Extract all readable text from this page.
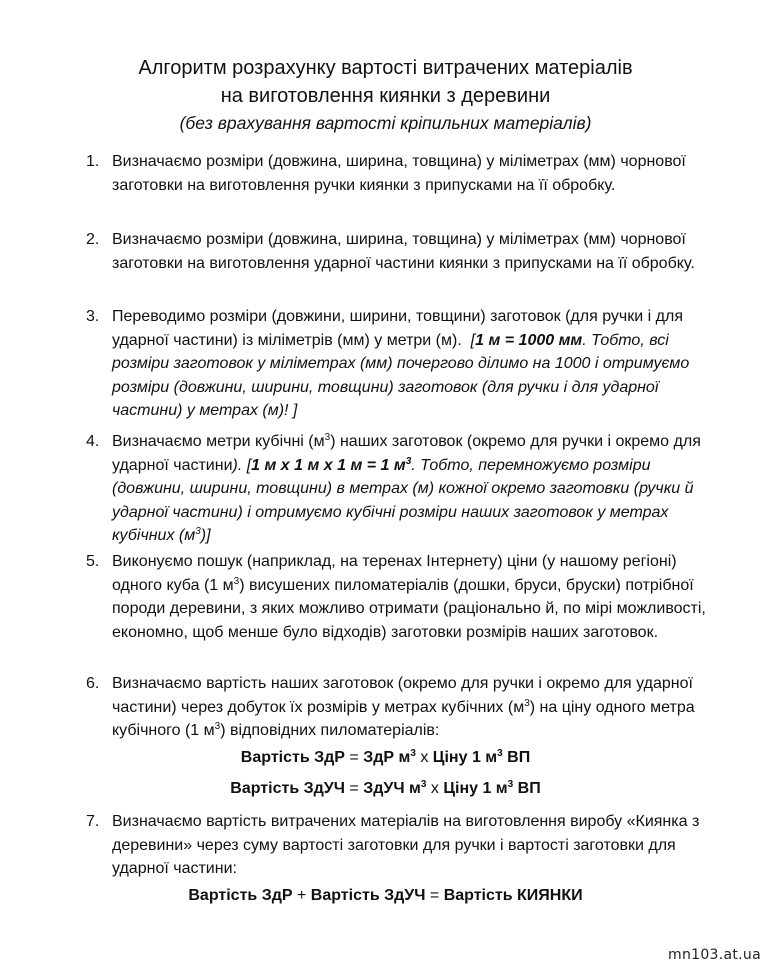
Алгоритм розрахунку вартості витрачених матеріалів
на виготовлення киянки з деревини
(без врахування вартості кріпильних матеріалів)
1. Визначаємо розміри (довжина, ширина, товщина) у міліметрах (мм) чорнової заготовки на виготовлення ручки киянки з припусками на її обробку.
2. Визначаємо розміри (довжина, ширина, товщина) у міліметрах (мм) чорнової заготовки на виготовлення ударної частини киянки з припусками на її обробку.
3. Переводимо розміри (довжини, ширини, товщини) заготовок (для ручки і для ударної частини) із міліметрів (мм) у метри (м). [1 м = 1000 мм. Тобто, всі розміри заготовок у міліметрах (мм) почергово ділимо на 1000 і отримуємо розміри (довжини, ширини, товщини) заготовок (для ручки і для ударної частини) у метрах (м)! ]
4. Визначаємо метри кубічні $(м^3)$ наших заготовок (окремо для ручки і окремо для ударної частини). [1 м х 1 м х 1 м = 1 $м^3$. Тобто, перемножуємо розміри (довжини, ширини, товщини) в метрах (м) кожної окремо заготовки (ручки й ударної частини) і отримуємо кубічні розміри наших заготовок у метрах кубічних $(м^3)$]
5. Виконуємо пошук (наприклад, на теренах Інтернету) ціни (у нашому регіоні) одного куба (1 $м^3$) висушених пиломатеріалів (дошки, бруси, бруски) потрібної породи деревини, з яких можливо отримати (раціонально й, по мірі можливості, економно, щоб менше було відходів) заготовки розмірів наших заготовок.
6. Визначаємо вартість наших заготовок (окремо для ручки і окремо для ударної частини) через добуток їх розмірів у метрах кубічних $(м^3)$ на ціну одного метра кубічного (1 $м^3$) відповідних пиломатеріалів:
7. Визначаємо вартість витрачених матеріалів на виготовлення виробу «Киянка з деревини» через суму вартості заготовки для ручки і вартості заготовки для ударної частини:
Вартість ЗдР = ЗдР $м^3$ х Ціну 1 $м^3$ ВП
Вартість ЗдУЧ = ЗдУЧ $м^3$ х Ціну 1 $м^3$ ВП
Вартість ЗдР + Вартість ЗдУЧ = Вартість КИЯНКИ
mn103.at.ua
